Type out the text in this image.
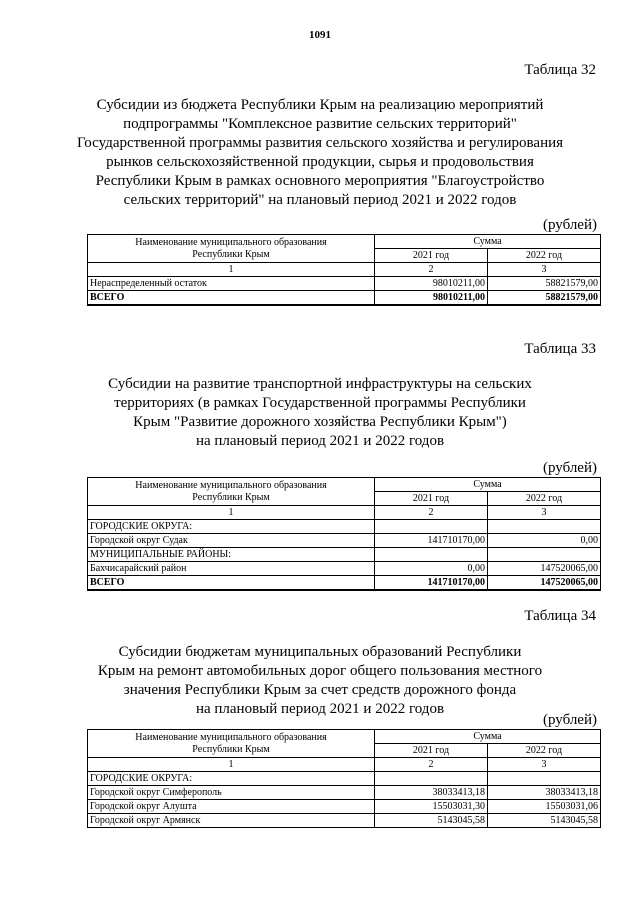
1091
Таблица 32
Субсидии из бюджета Республики Крым на реализацию мероприятий
подпрограммы "Комплексное развитие сельских территорий"
Государственной программы развития сельского хозяйства и регулирования
рынков сельскохозяйственной продукции, сырья и продовольствия
Республики Крым в рамках основного мероприятия "Благоустройство
сельских территорий" на плановый период 2021 и 2022 годов
(рублей)
Наименование муниципального образования
Республики Крым	Сумма	
	2021 год	2022 год
1	2	3
Нераспределенный остаток	98010211,00	58821579,00
ВСЕГО	98010211,00	58821579,00
Таблица 33
Субсидии на развитие транспортной инфраструктуры на сельских
территориях (в рамках Государственной программы Республики
Крым "Развитие дорожного хозяйства Республики Крым")
на плановый период 2021 и 2022 годов
(рублей)
Наименование муниципального образования
Республики Крым	Сумма	
	2021 год	2022 год
1	2	3
ГОРОДСКИЕ ОКРУГА:		
Городской округ Судак	141710170,00	0,00
МУНИЦИПАЛЬНЫЕ РАЙОНЫ:		
Бахчисарайский район	0,00	147520065,00
ВСЕГО	141710170,00	147520065,00
Таблица 34
Субсидии бюджетам муниципальных образований Республики
Крым на ремонт автомобильных дорог общего пользования местного
значения Республики Крым за счет средств дорожного фонда
на плановый период 2021 и 2022 годов
(рублей)
Наименование муниципального образования
Республики Крым	Сумма	
	2021 год	2022 год
1	2	3
ГОРОДСКИЕ ОКРУГА:		
Городской округ Симферополь	38033413,18	38033413,18
Городской округ Алушта	15503031,30	15503031,06
Городской округ Армянск	5143045,58	5143045,58
